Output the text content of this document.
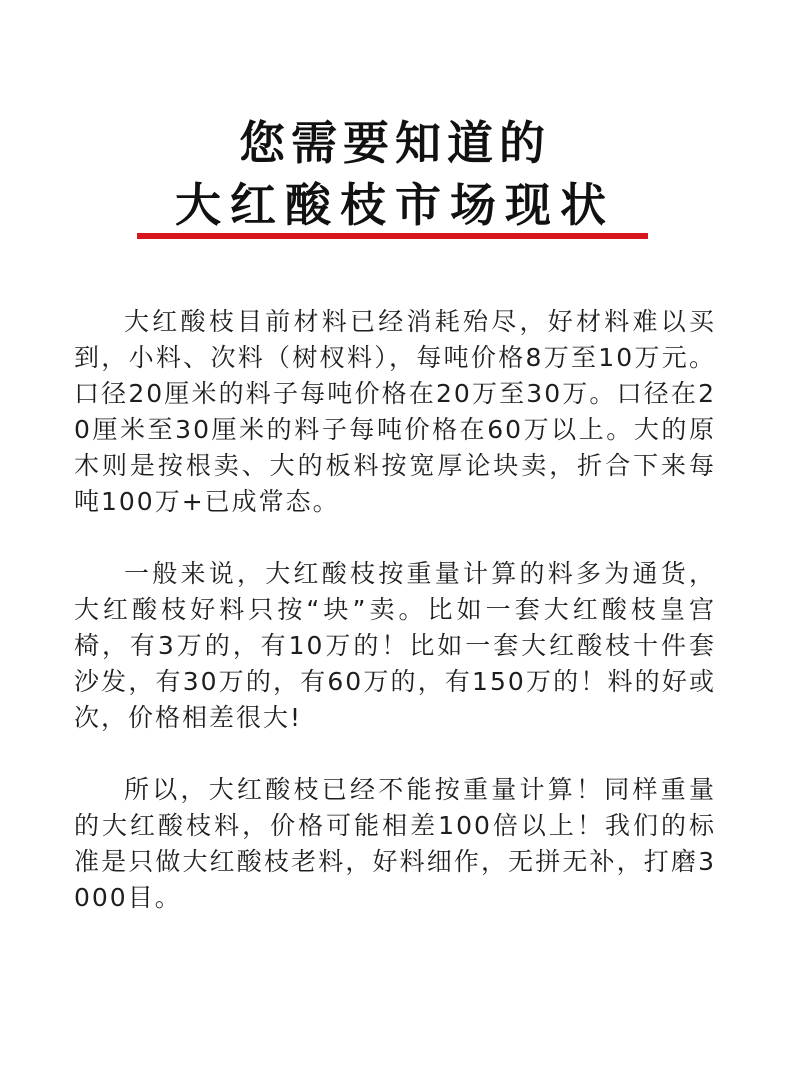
您需要知道的
大红酸枝市场现状

大红酸枝目前材料已经消耗殆尽，好材料难以买到，小料、次料（树杈料），每吨价格8万至10万元。口径20厘米的料子每吨价格在20万至30万。口径在20厘米至30厘米的料子每吨价格在60万以上。大的原木则是按根卖、大的板料按宽厚论块卖，折合下来每吨100万+已成常态。

一般来说，大红酸枝按重量计算的料多为通货，大红酸枝好料只按“块”卖。比如一套大红酸枝皇宫椅，有3万的，有10万的！比如一套大红酸枝十件套沙发，有30万的，有60万的，有150万的！料的好或次，价格相差很大!

所以，大红酸枝已经不能按重量计算！同样重量的大红酸枝料，价格可能相差100倍以上！我们的标准是只做大红酸枝老料，好料细作，无拼无补，打磨3000目。
